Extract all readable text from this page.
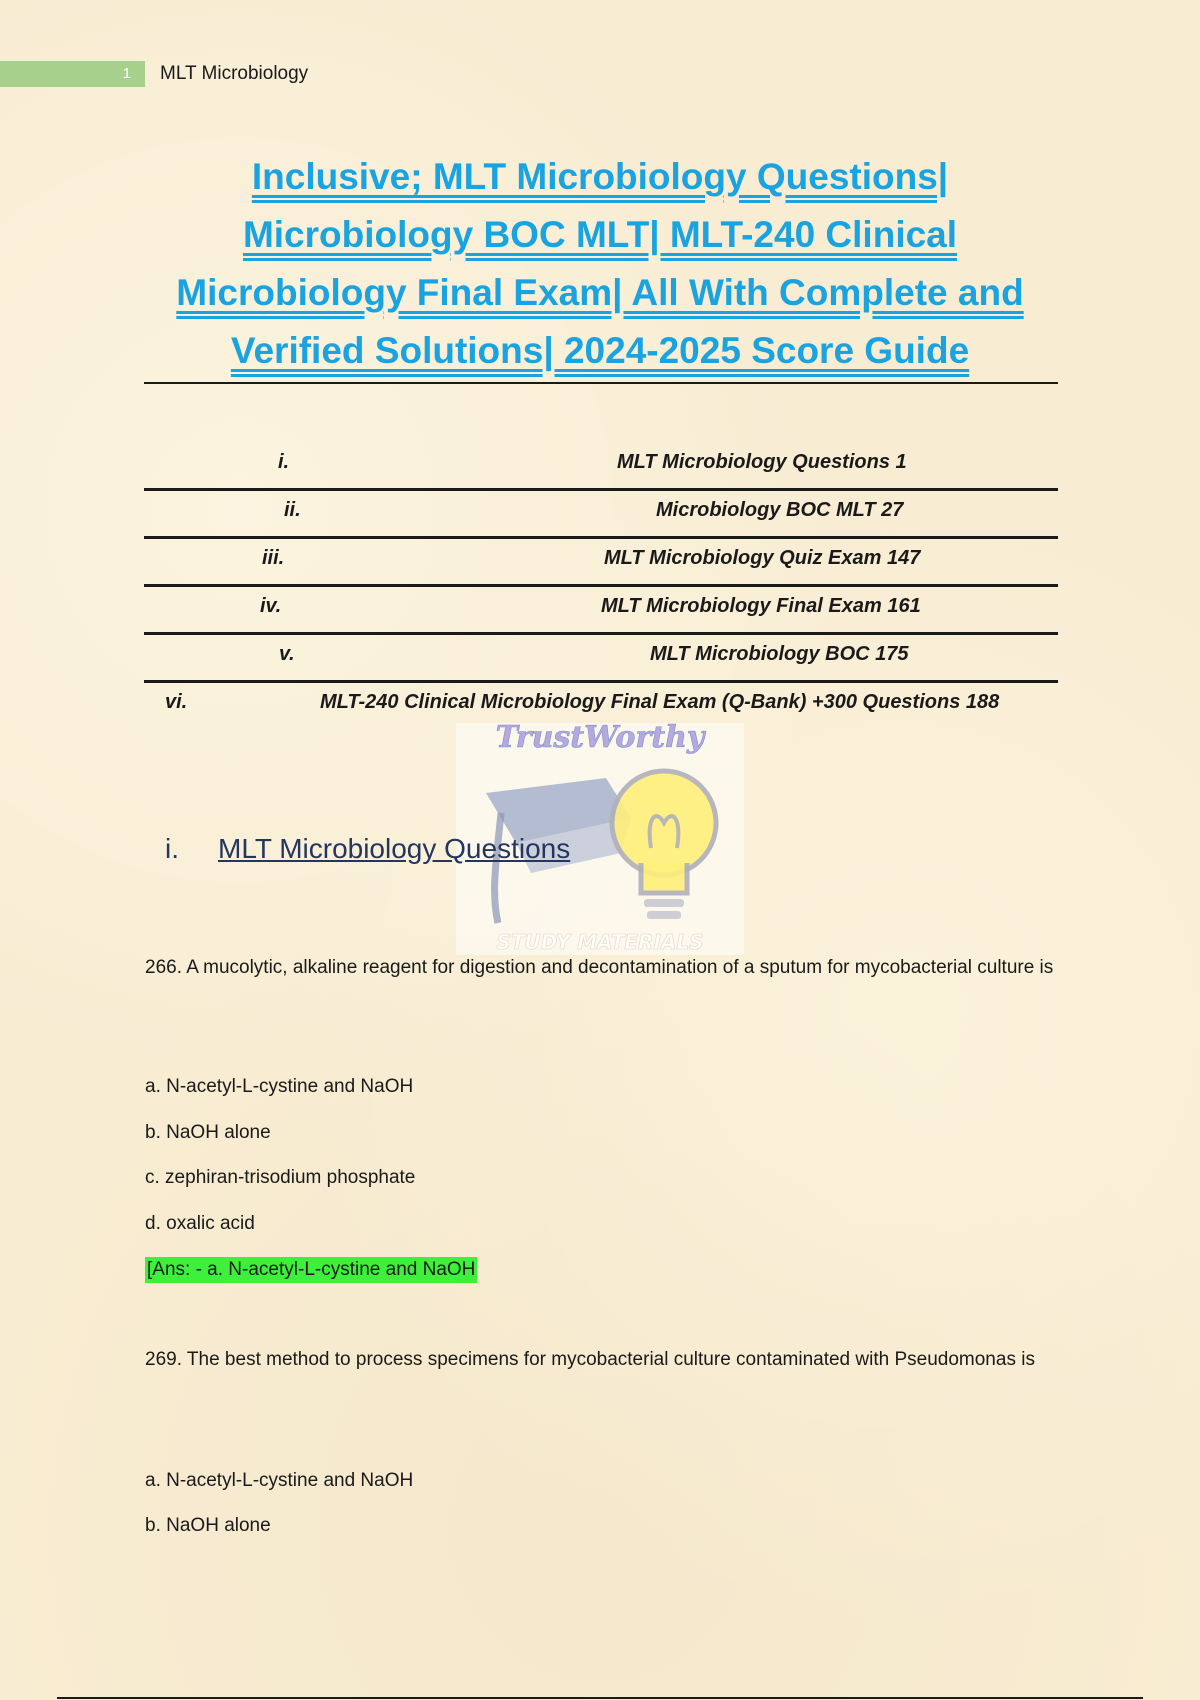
1	MLT Microbiology
Inclusive; MLT Microbiology Questions|
Microbiology BOC MLT| MLT-240 Clinical
Microbiology Final Exam| All With Complete and
Verified Solutions| 2024-2025 Score Guide
i.	MLT Microbiology Questions 1
ii.	Microbiology BOC MLT 27
iii.	MLT Microbiology Quiz Exam 147
iv.	MLT Microbiology Final Exam 161
v.	MLT Microbiology BOC 175
vi.	MLT-240 Clinical Microbiology Final Exam (Q-Bank) +300 Questions 188
TrustWorthy
STUDY MATERIALS
i. MLT Microbiology Questions
266. A mucolytic, alkaline reagent for digestion and decontamination of a sputum for mycobacterial culture is
a. N-acetyl-L-cystine and NaOH
b. NaOH alone
c. zephiran-trisodium phosphate
d. oxalic acid
[Ans: - a. N-acetyl-L-cystine and NaOH
269. The best method to process specimens for mycobacterial culture contaminated with Pseudomonas is
a. N-acetyl-L-cystine and NaOH
b. NaOH alone
